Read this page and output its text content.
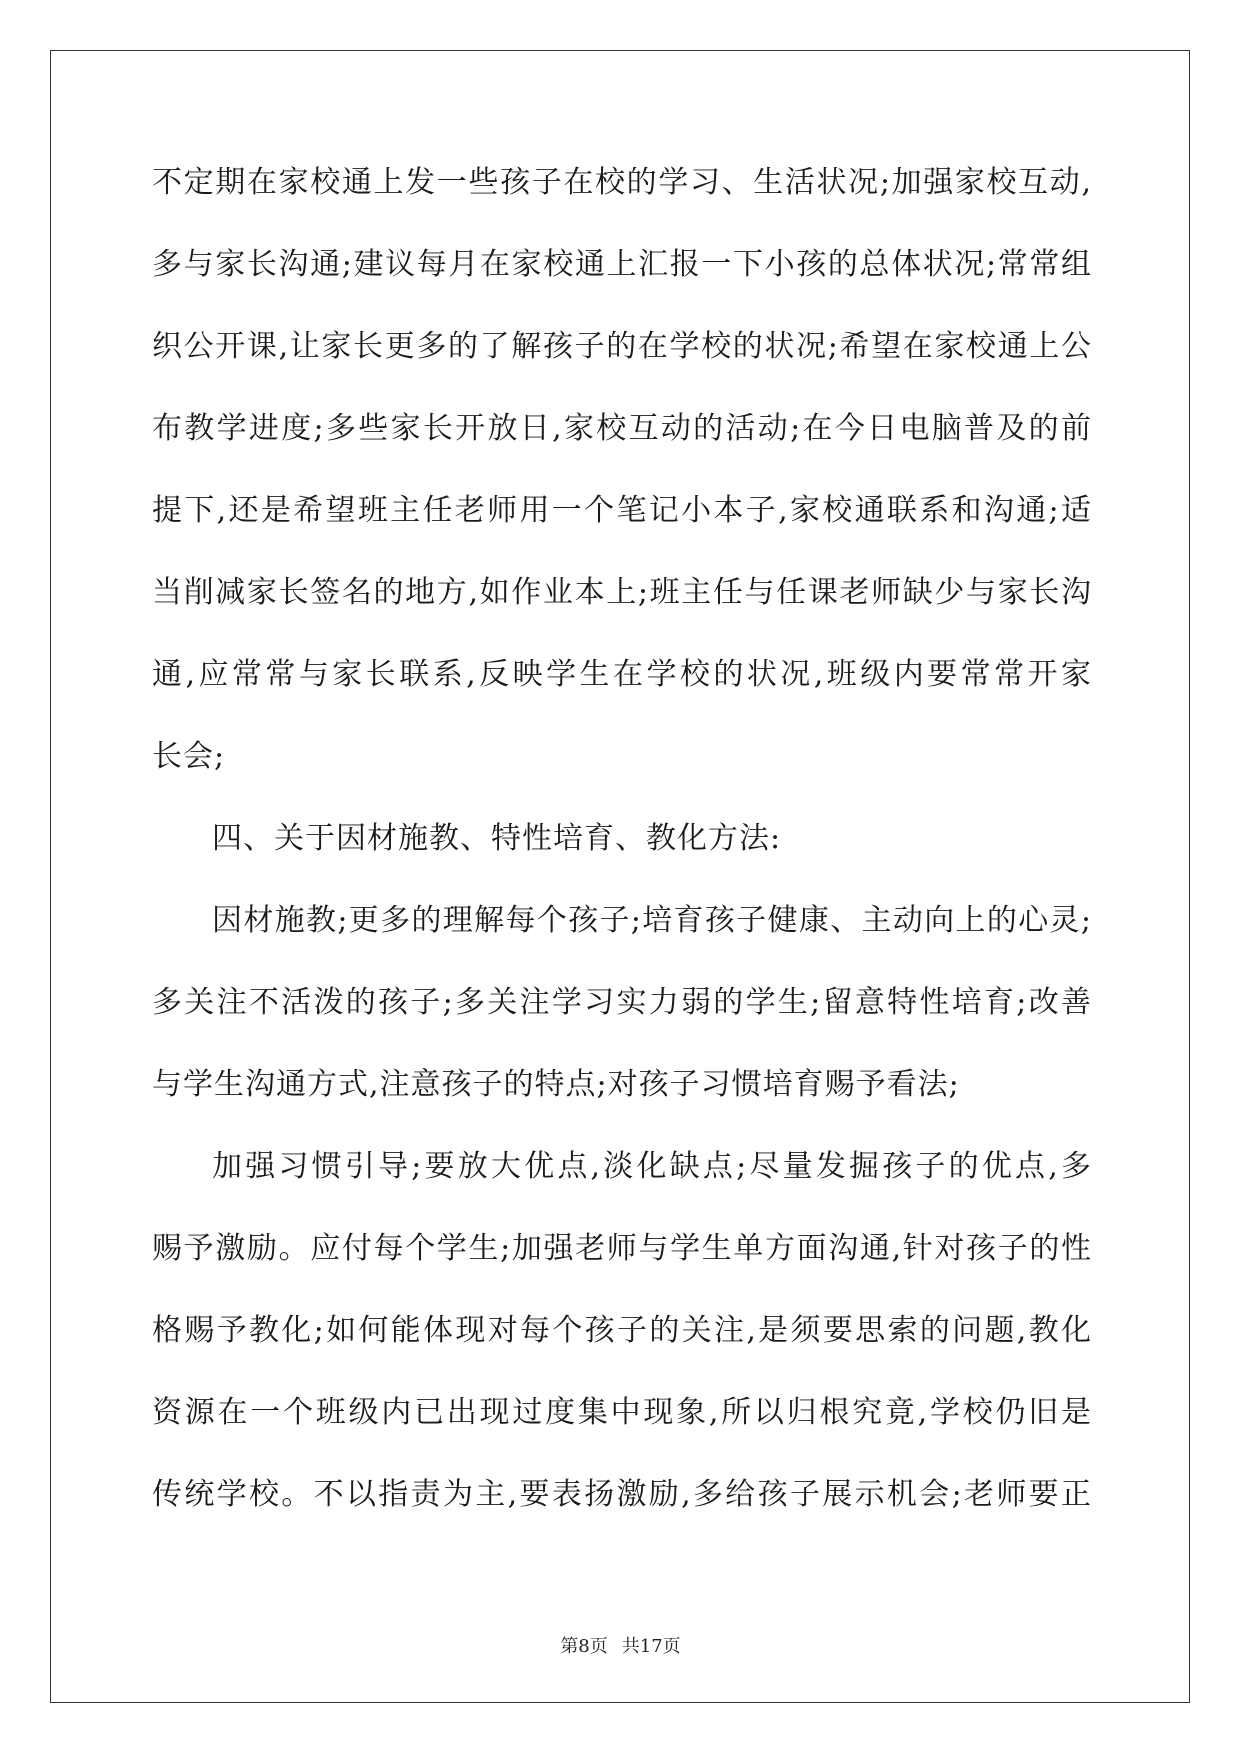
不定期在家校通上发一些孩子在校的学习、生活状况;加强家校互动,
多与家长沟通;建议每月在家校通上汇报一下小孩的总体状况;常常组
织公开课,让家长更多的了解孩子的在学校的状况;希望在家校通上公
布教学进度;多些家长开放日,家校互动的活动;在今日电脑普及的前
提下,还是希望班主任老师用一个笔记小本子,家校通联系和沟通;适
当削减家长签名的地方,如作业本上;班主任与任课老师缺少与家长沟
通,应常常与家长联系,反映学生在学校的状况,班级内要常常开家
长会;
四、关于因材施教、特性培育、教化方法:
因材施教;更多的理解每个孩子;培育孩子健康、主动向上的心灵;
多关注不活泼的孩子;多关注学习实力弱的学生;留意特性培育;改善
与学生沟通方式,注意孩子的特点;对孩子习惯培育赐予看法;
加强习惯引导;要放大优点,淡化缺点;尽量发掘孩子的优点,多
赐予激励。应付每个学生;加强老师与学生单方面沟通,针对孩子的性
格赐予教化;如何能体现对每个孩子的关注,是须要思索的问题,教化
资源在一个班级内已出现过度集中现象,所以归根究竟,学校仍旧是
传统学校。不以指责为主,要表扬激励,多给孩子展示机会;老师要正
第8页 共17页
